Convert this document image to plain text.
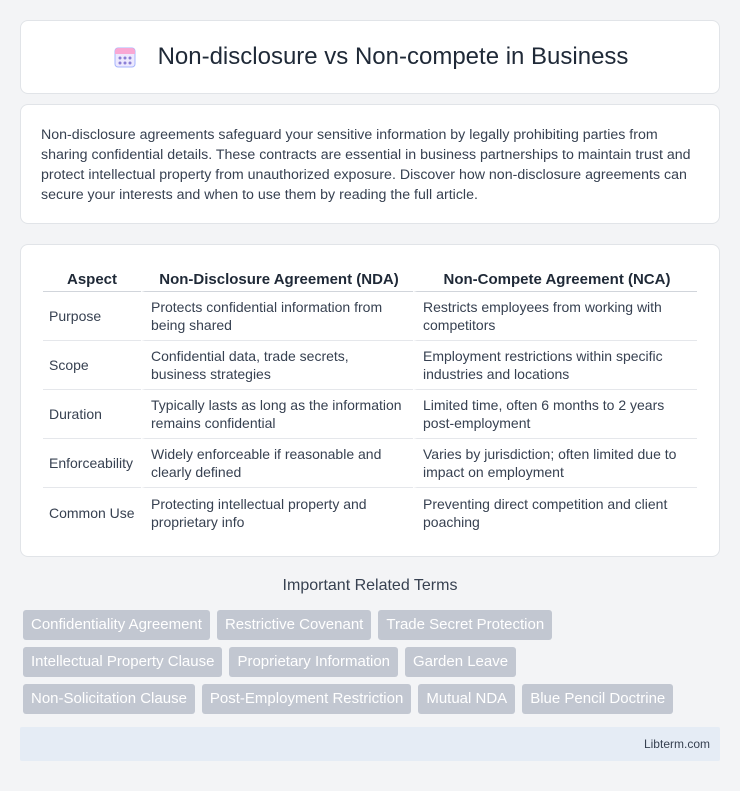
Non-disclosure vs Non-compete in Business

Non-disclosure agreements safeguard your sensitive information by legally prohibiting parties from sharing confidential details. These contracts are essential in business partnerships to maintain trust and protect intellectual property from unauthorized exposure. Discover how non-disclosure agreements can secure your interests and when to use them by reading the full article.

Aspect	Non-Disclosure Agreement (NDA)	Non-Compete Agreement (NCA)
Purpose	Protects confidential information from being shared	Restricts employees from working with competitors
Scope	Confidential data, trade secrets, business strategies	Employment restrictions within specific industries and locations
Duration	Typically lasts as long as the information remains confidential	Limited time, often 6 months to 2 years post-employment
Enforceability	Widely enforceable if reasonable and clearly defined	Varies by jurisdiction; often limited due to impact on employment
Common Use	Protecting intellectual property and proprietary info	Preventing direct competition and client poaching
Important Related Terms
Confidentiality Agreement	Restrictive Covenant	Trade Secret Protection
Intellectual Property Clause	Proprietary Information	Garden Leave
Non-Solicitation Clause	Post-Employment Restriction	Mutual NDA	Blue Pencil Doctrine
Libterm.com
